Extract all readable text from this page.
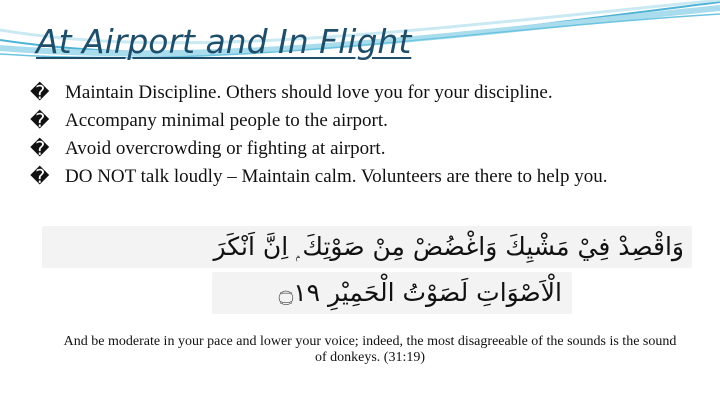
At Airport and In Flight
� Maintain Discipline. Others should love you for your discipline.
� Accompany minimal people to the airport.
� Avoid overcrowding or fighting at airport.
� DO NOT talk loudly – Maintain calm. Volunteers are there to help you.
وَاقْصِدْ فِيْ مَشْيِكَ وَاغْضُضْ مِنْ صَوْتِكَ ۭ اِنَّ اَنْكَرَ
الْاَصْوَاتِ لَصَوْتُ الْحَمِيْرِ ۝۱۹

And be moderate in your pace and lower your voice; indeed, the most disagreeable of the sounds is the sound of donkeys. (31:19)
